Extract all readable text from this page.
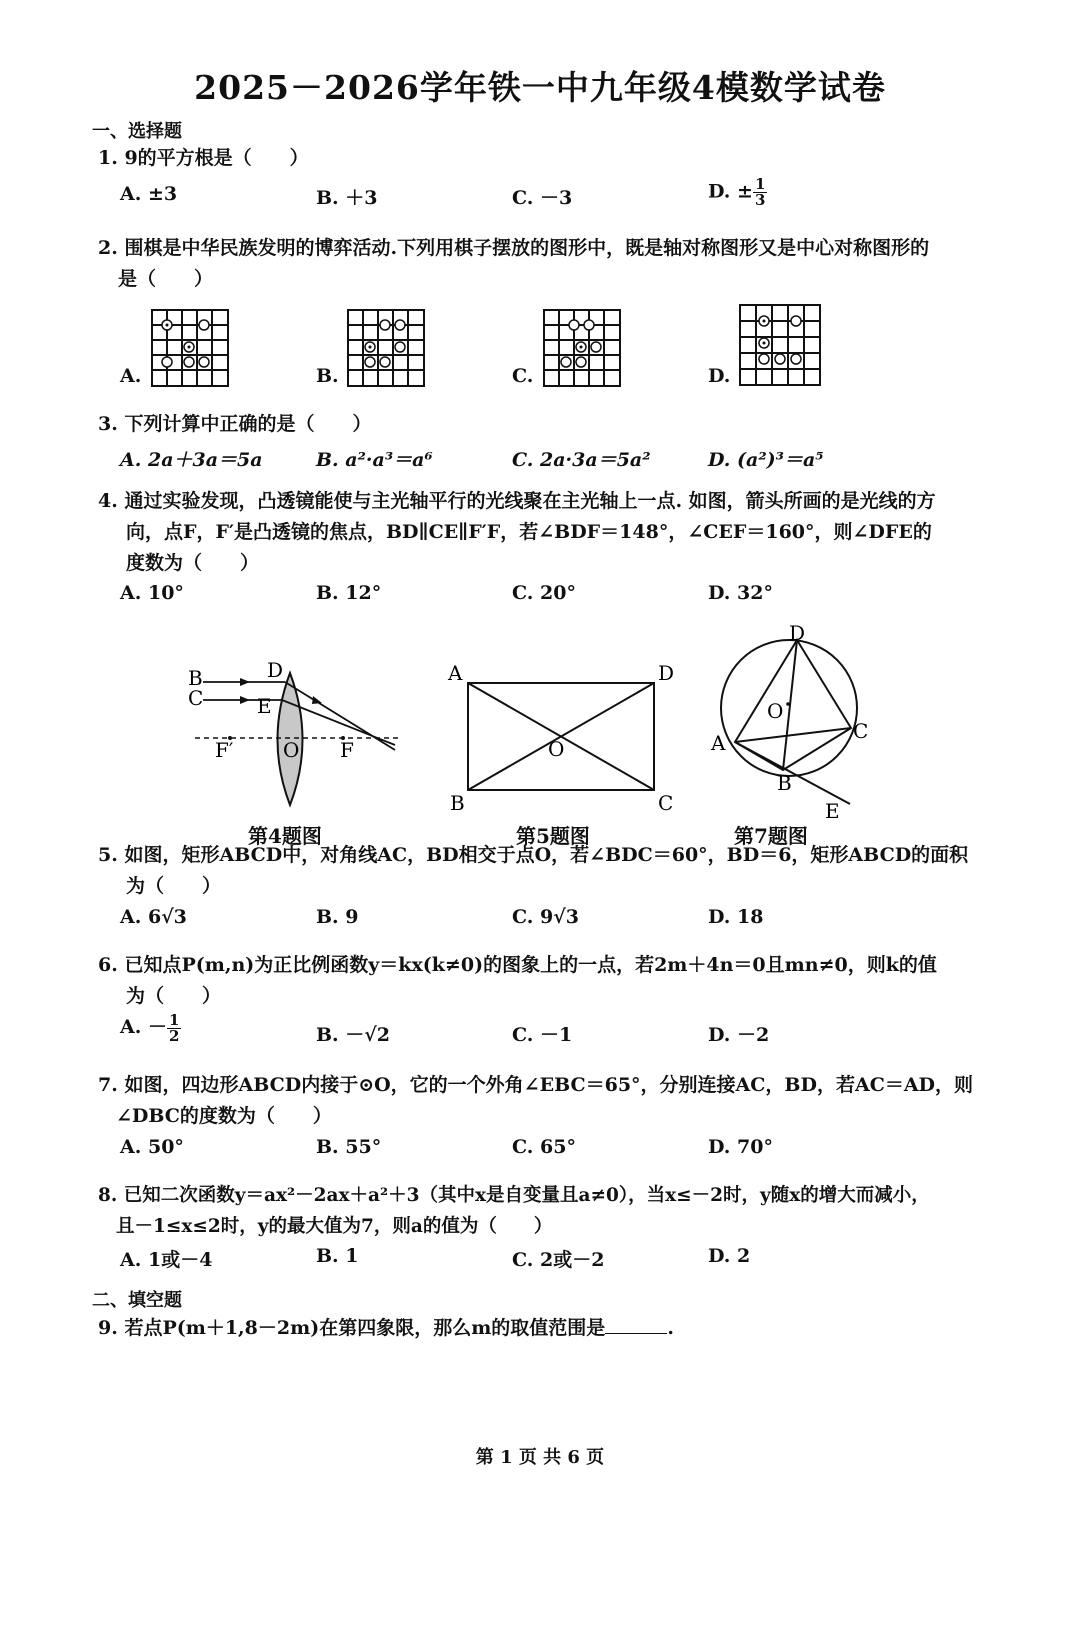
2025－2026学年铁一中九年级4模数学试卷
一、选择题
1. 9的平方根是（　　）
A. ±3	B. ＋3	C. －3	D. ± $\frac{1}{3}$
2. 围棋是中华民族发明的博弈活动.下列用棋子摆放的图形中，既是轴对称图形又是中心对称图形的

是（　　）
A.	B.	C.	D.
3. 下列计算中正确的是（　　）
A. 2a＋3a＝5a	B. a²·a³＝a⁶	C. 2a·3a＝5a²	D. (a²)³＝a⁵
4. 通过实验发现，凸透镜能使与主光轴平行的光线聚在主光轴上一点. 如图，箭头所画的是光线的方

向，点F，F′是凸透镜的焦点，BD∥CE∥F′F，若∠BDF＝148°，∠CEF＝160°，则∠DFE的
度数为（　　）
A. 10°	B. 12°	C. 20°	D. 32°
B
C
D
E
F′ O F
第4题图
A	D
B	C
O
第5题图
D
A	C
B
E
O
第7题图
5. 如图，矩形ABCD中，对角线AC，BD相交于点O，若∠BDC＝60°，BD＝6，矩形ABCD的面积

为（　　）
A. 6√3	B. 9	C. 9√3	D. 18
6. 已知点P(m,n)为正比例函数y＝kx(k≠0)的图象上的一点，若2m＋4n＝0且mn≠0，则k的值

为（　　）
A. － $\frac{1}{2}$	B. －√2	C. －1	D. －2
7. 如图，四边形ABCD内接于⊙O，它的一个外角∠EBC＝65°，分别连接AC，BD，若AC＝AD，则

∠DBC的度数为（　　）
A. 50°	B. 55°	C. 65°	D. 70°
8. 已知二次函数y＝ax²－2ax＋a²＋3（其中x是自变量且a≠0），当x≤－2时，y随x的增大而减小，

且－1≤x≤2时，y的最大值为7，则a的值为（　　）
A. 1或－4	B. 1	C. 2或－2	D. 2
二、填空题
9. 若点P(m＋1,8－2m)在第四象限，那么m的取值范围是	.
第 1 页 共 6 页
